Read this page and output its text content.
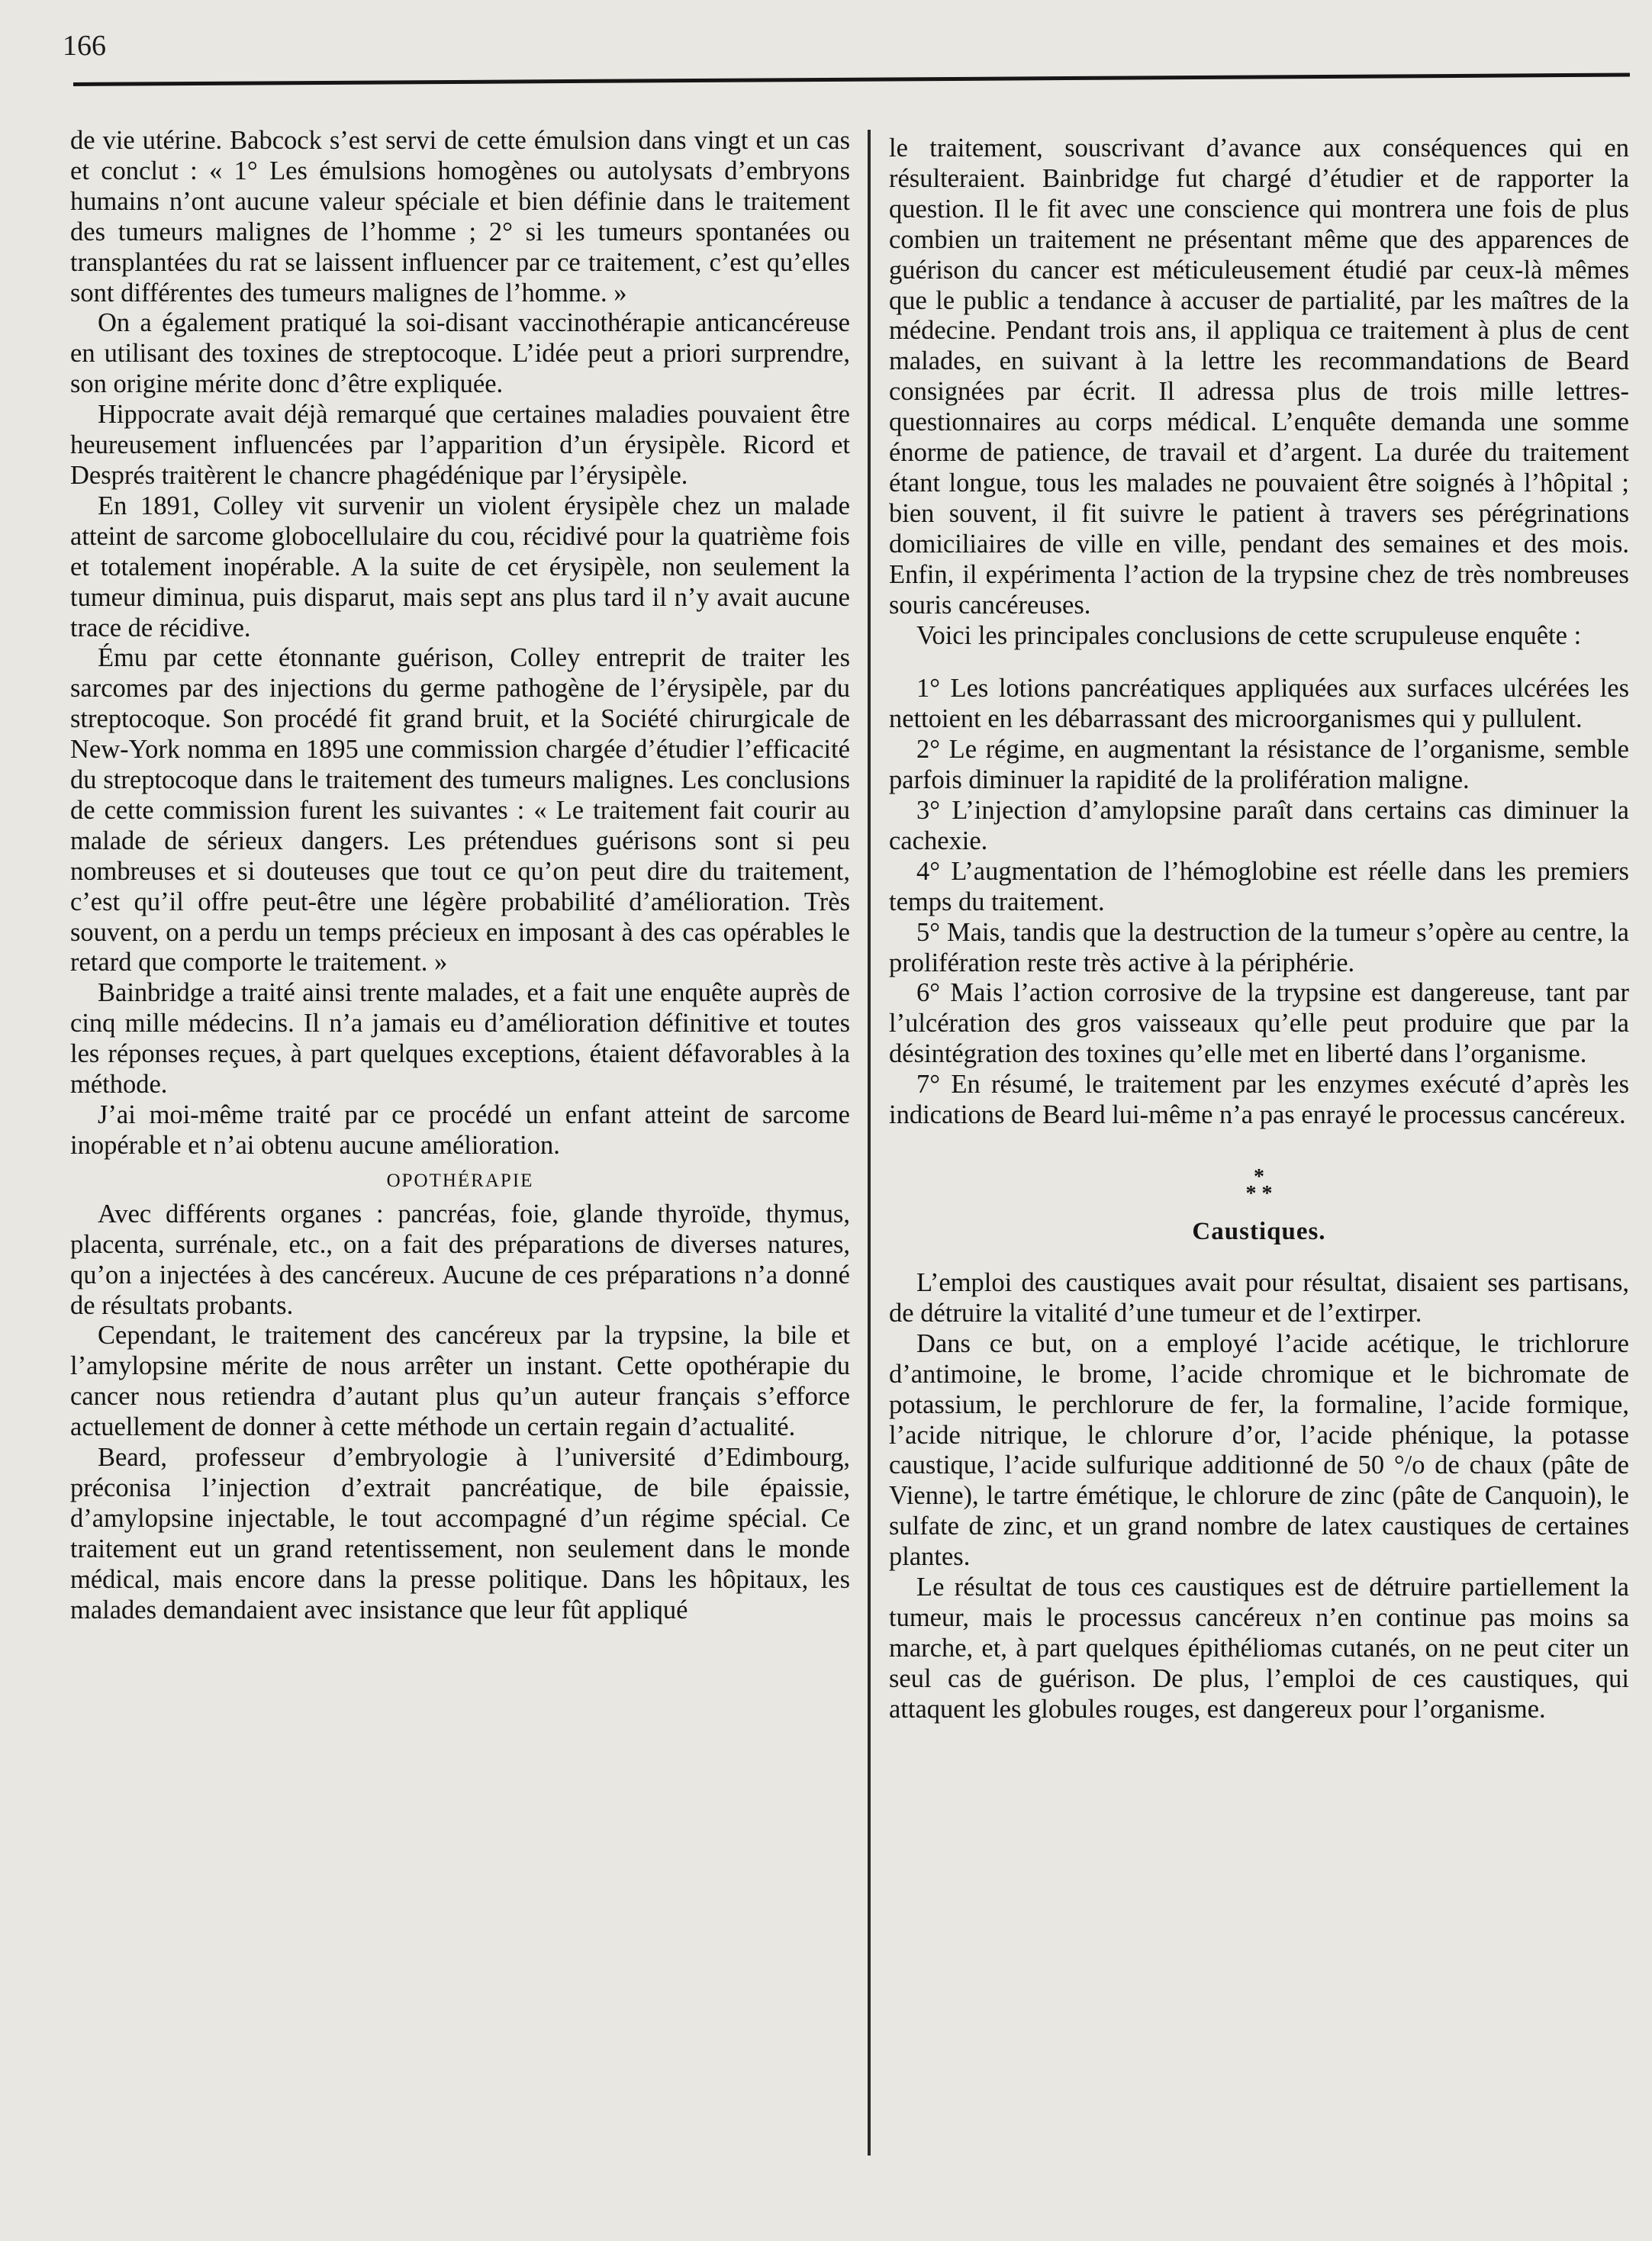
166

de vie utérine. Babcock s’est servi de cette émulsion dans vingt et un cas et conclut : « 1° Les émulsions homogènes ou autolysats d’embryons humains n’ont aucune valeur spéciale et bien définie dans le traitement des tumeurs malignes de l’homme ; 2° si les tumeurs spontanées ou transplantées du rat se laissent influencer par ce traitement, c’est qu’elles sont différentes des tumeurs malignes de l’homme. »

On a également pratiqué la soi-disant vaccinothérapie anticancéreuse en utilisant des toxines de streptocoque. L’idée peut a priori surprendre, son origine mérite donc d’être expliquée.

Hippocrate avait déjà remarqué que certaines maladies pouvaient être heureusement influencées par l’apparition d’un érysipèle. Ricord et Després traitèrent le chancre phagédénique par l’érysipèle.

En 1891, Colley vit survenir un violent érysipèle chez un malade atteint de sarcome globocellulaire du cou, récidivé pour la quatrième fois et totalement inopérable. A la suite de cet érysipèle, non seulement la tumeur diminua, puis disparut, mais sept ans plus tard il n’y avait aucune trace de récidive.

Ému par cette étonnante guérison, Colley entreprit de traiter les sarcomes par des injections du germe pathogène de l’érysipèle, par du streptocoque. Son procédé fit grand bruit, et la Société chirurgicale de New-York nomma en 1895 une commission chargée d’étudier l’efficacité du streptocoque dans le traitement des tumeurs malignes. Les conclusions de cette commission furent les suivantes : « Le traitement fait courir au malade de sérieux dangers. Les prétendues guérisons sont si peu nombreuses et si douteuses que tout ce qu’on peut dire du traitement, c’est qu’il offre peut-être une légère probabilité d’amélioration. Très souvent, on a perdu un temps précieux en imposant à des cas opérables le retard que comporte le traitement. »

Bainbridge a traité ainsi trente malades, et a fait une enquête auprès de cinq mille médecins. Il n’a jamais eu d’amélioration définitive et toutes les réponses reçues, à part quelques exceptions, étaient défavorables à la méthode.

J’ai moi-même traité par ce procédé un enfant atteint de sarcome inopérable et n’ai obtenu aucune amélioration.

OPOTHÉRAPIE

Avec différents organes : pancréas, foie, glande thyroïde, thymus, placenta, surrénale, etc., on a fait des préparations de diverses natures, qu’on a injectées à des cancéreux. Aucune de ces préparations n’a donné de résultats probants.

Cependant, le traitement des cancéreux par la trypsine, la bile et l’amylopsine mérite de nous arrêter un instant. Cette opothérapie du cancer nous retiendra d’autant plus qu’un auteur français s’efforce actuellement de donner à cette méthode un certain regain d’actualité.

Beard, professeur d’embryologie à l’université d’Edimbourg, préconisa l’injection d’extrait pancréatique, de bile épaissie, d’amylopsine injectable, le tout accompagné d’un régime spécial. Ce traitement eut un grand retentissement, non seulement dans le monde médical, mais encore dans la presse politique. Dans les hôpitaux, les malades demandaient avec insistance que leur fût appliqué

le traitement, souscrivant d’avance aux conséquences qui en résulteraient. Bainbridge fut chargé d’étudier et de rapporter la question. Il le fit avec une conscience qui montrera une fois de plus combien un traitement ne présentant même que des apparences de guérison du cancer est méticuleusement étudié par ceux-là mêmes que le public a tendance à accuser de partialité, par les maîtres de la médecine. Pendant trois ans, il appliqua ce traitement à plus de cent malades, en suivant à la lettre les recommandations de Beard consignées par écrit. Il adressa plus de trois mille lettres-questionnaires au corps médical. L’enquête demanda une somme énorme de patience, de travail et d’argent. La durée du traitement étant longue, tous les malades ne pouvaient être soignés à l’hôpital ; bien souvent, il fit suivre le patient à travers ses pérégrinations domiciliaires de ville en ville, pendant des semaines et des mois. Enfin, il expérimenta l’action de la trypsine chez de très nombreuses souris cancéreuses.

Voici les principales conclusions de cette scrupuleuse enquête :

1° Les lotions pancréatiques appliquées aux surfaces ulcérées les nettoient en les débarrassant des microorganismes qui y pullulent.

2° Le régime, en augmentant la résistance de l’organisme, semble parfois diminuer la rapidité de la prolifération maligne.

3° L’injection d’amylopsine paraît dans certains cas diminuer la cachexie.

4° L’augmentation de l’hémoglobine est réelle dans les premiers temps du traitement.

5° Mais, tandis que la destruction de la tumeur s’opère au centre, la prolifération reste très active à la périphérie.

6° Mais l’action corrosive de la trypsine est dangereuse, tant par l’ulcération des gros vaisseaux qu’elle peut produire que par la désintégration des toxines qu’elle met en liberté dans l’organisme.

7° En résumé, le traitement par les enzymes exécuté d’après les indications de Beard lui-même n’a pas enrayé le processus cancéreux.

*
* *
Caustiques.

L’emploi des caustiques avait pour résultat, disaient ses partisans, de détruire la vitalité d’une tumeur et de l’extirper.

Dans ce but, on a employé l’acide acétique, le trichlorure d’antimoine, le brome, l’acide chromique et le bichromate de potassium, le perchlorure de fer, la formaline, l’acide formique, l’acide nitrique, le chlorure d’or, l’acide phénique, la potasse caustique, l’acide sulfurique additionné de 50 °/o de chaux (pâte de Vienne), le tartre émétique, le chlorure de zinc (pâte de Canquoin), le sulfate de zinc, et un grand nombre de latex caustiques de certaines plantes.

Le résultat de tous ces caustiques est de détruire partiellement la tumeur, mais le processus cancéreux n’en continue pas moins sa marche, et, à part quelques épithéliomas cutanés, on ne peut citer un seul cas de guérison. De plus, l’emploi de ces caustiques, qui attaquent les globules rouges, est dangereux pour l’organisme.
